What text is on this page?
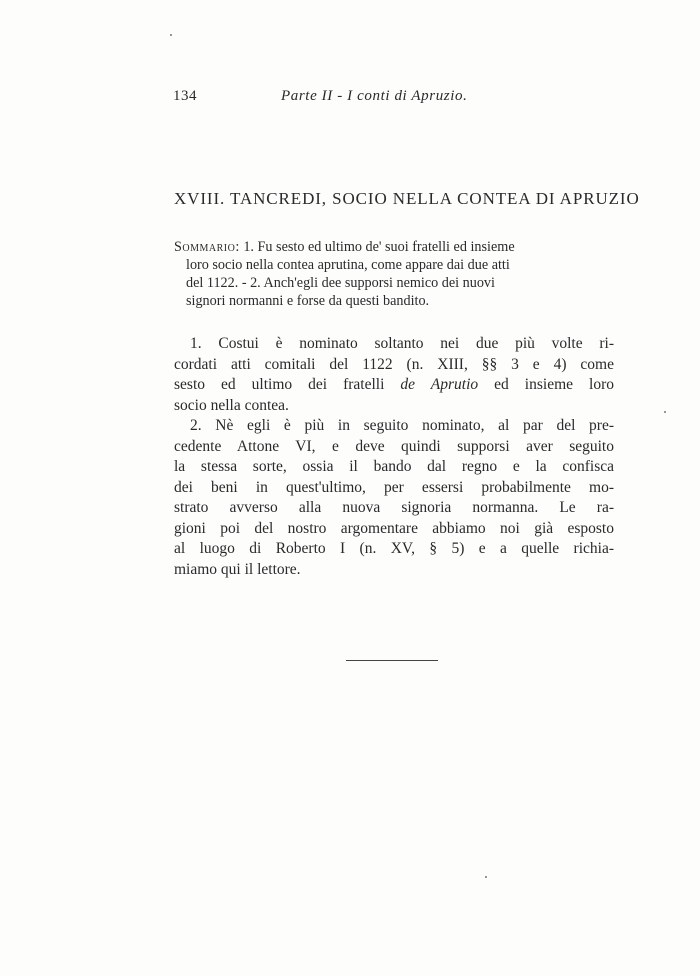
134	Parte II - I conti di Apruzio.
XVIII. TANCREDI, SOCIO NELLA CONTEA DI APRUZIO
Sommario: 1. Fu sesto ed ultimo de' suoi fratelli ed insieme
loro socio nella contea aprutina, come appare dai due atti
del 1122. - 2. Anch'egli dee supporsi nemico dei nuovi
signori normanni e forse da questi bandito.
1. Costui è nominato soltanto nei due più volte ri-
cordati atti comitali del 1122 (n. XIII, §§ 3 e 4) come
sesto ed ultimo dei fratelli de Aprutio ed insieme loro
socio nella contea.
2. Nè egli è più in seguito nominato, al par del pre-
cedente Attone VI, e deve quindi supporsi aver seguito
la stessa sorte, ossia il bando dal regno e la confisca
dei beni in quest'ultimo, per essersi probabilmente mo-
strato avverso alla nuova signoria normanna. Le ra-
gioni poi del nostro argomentare abbiamo noi già esposto
al luogo di Roberto I (n. XV, § 5) e a quelle richia-
miamo qui il lettore.
